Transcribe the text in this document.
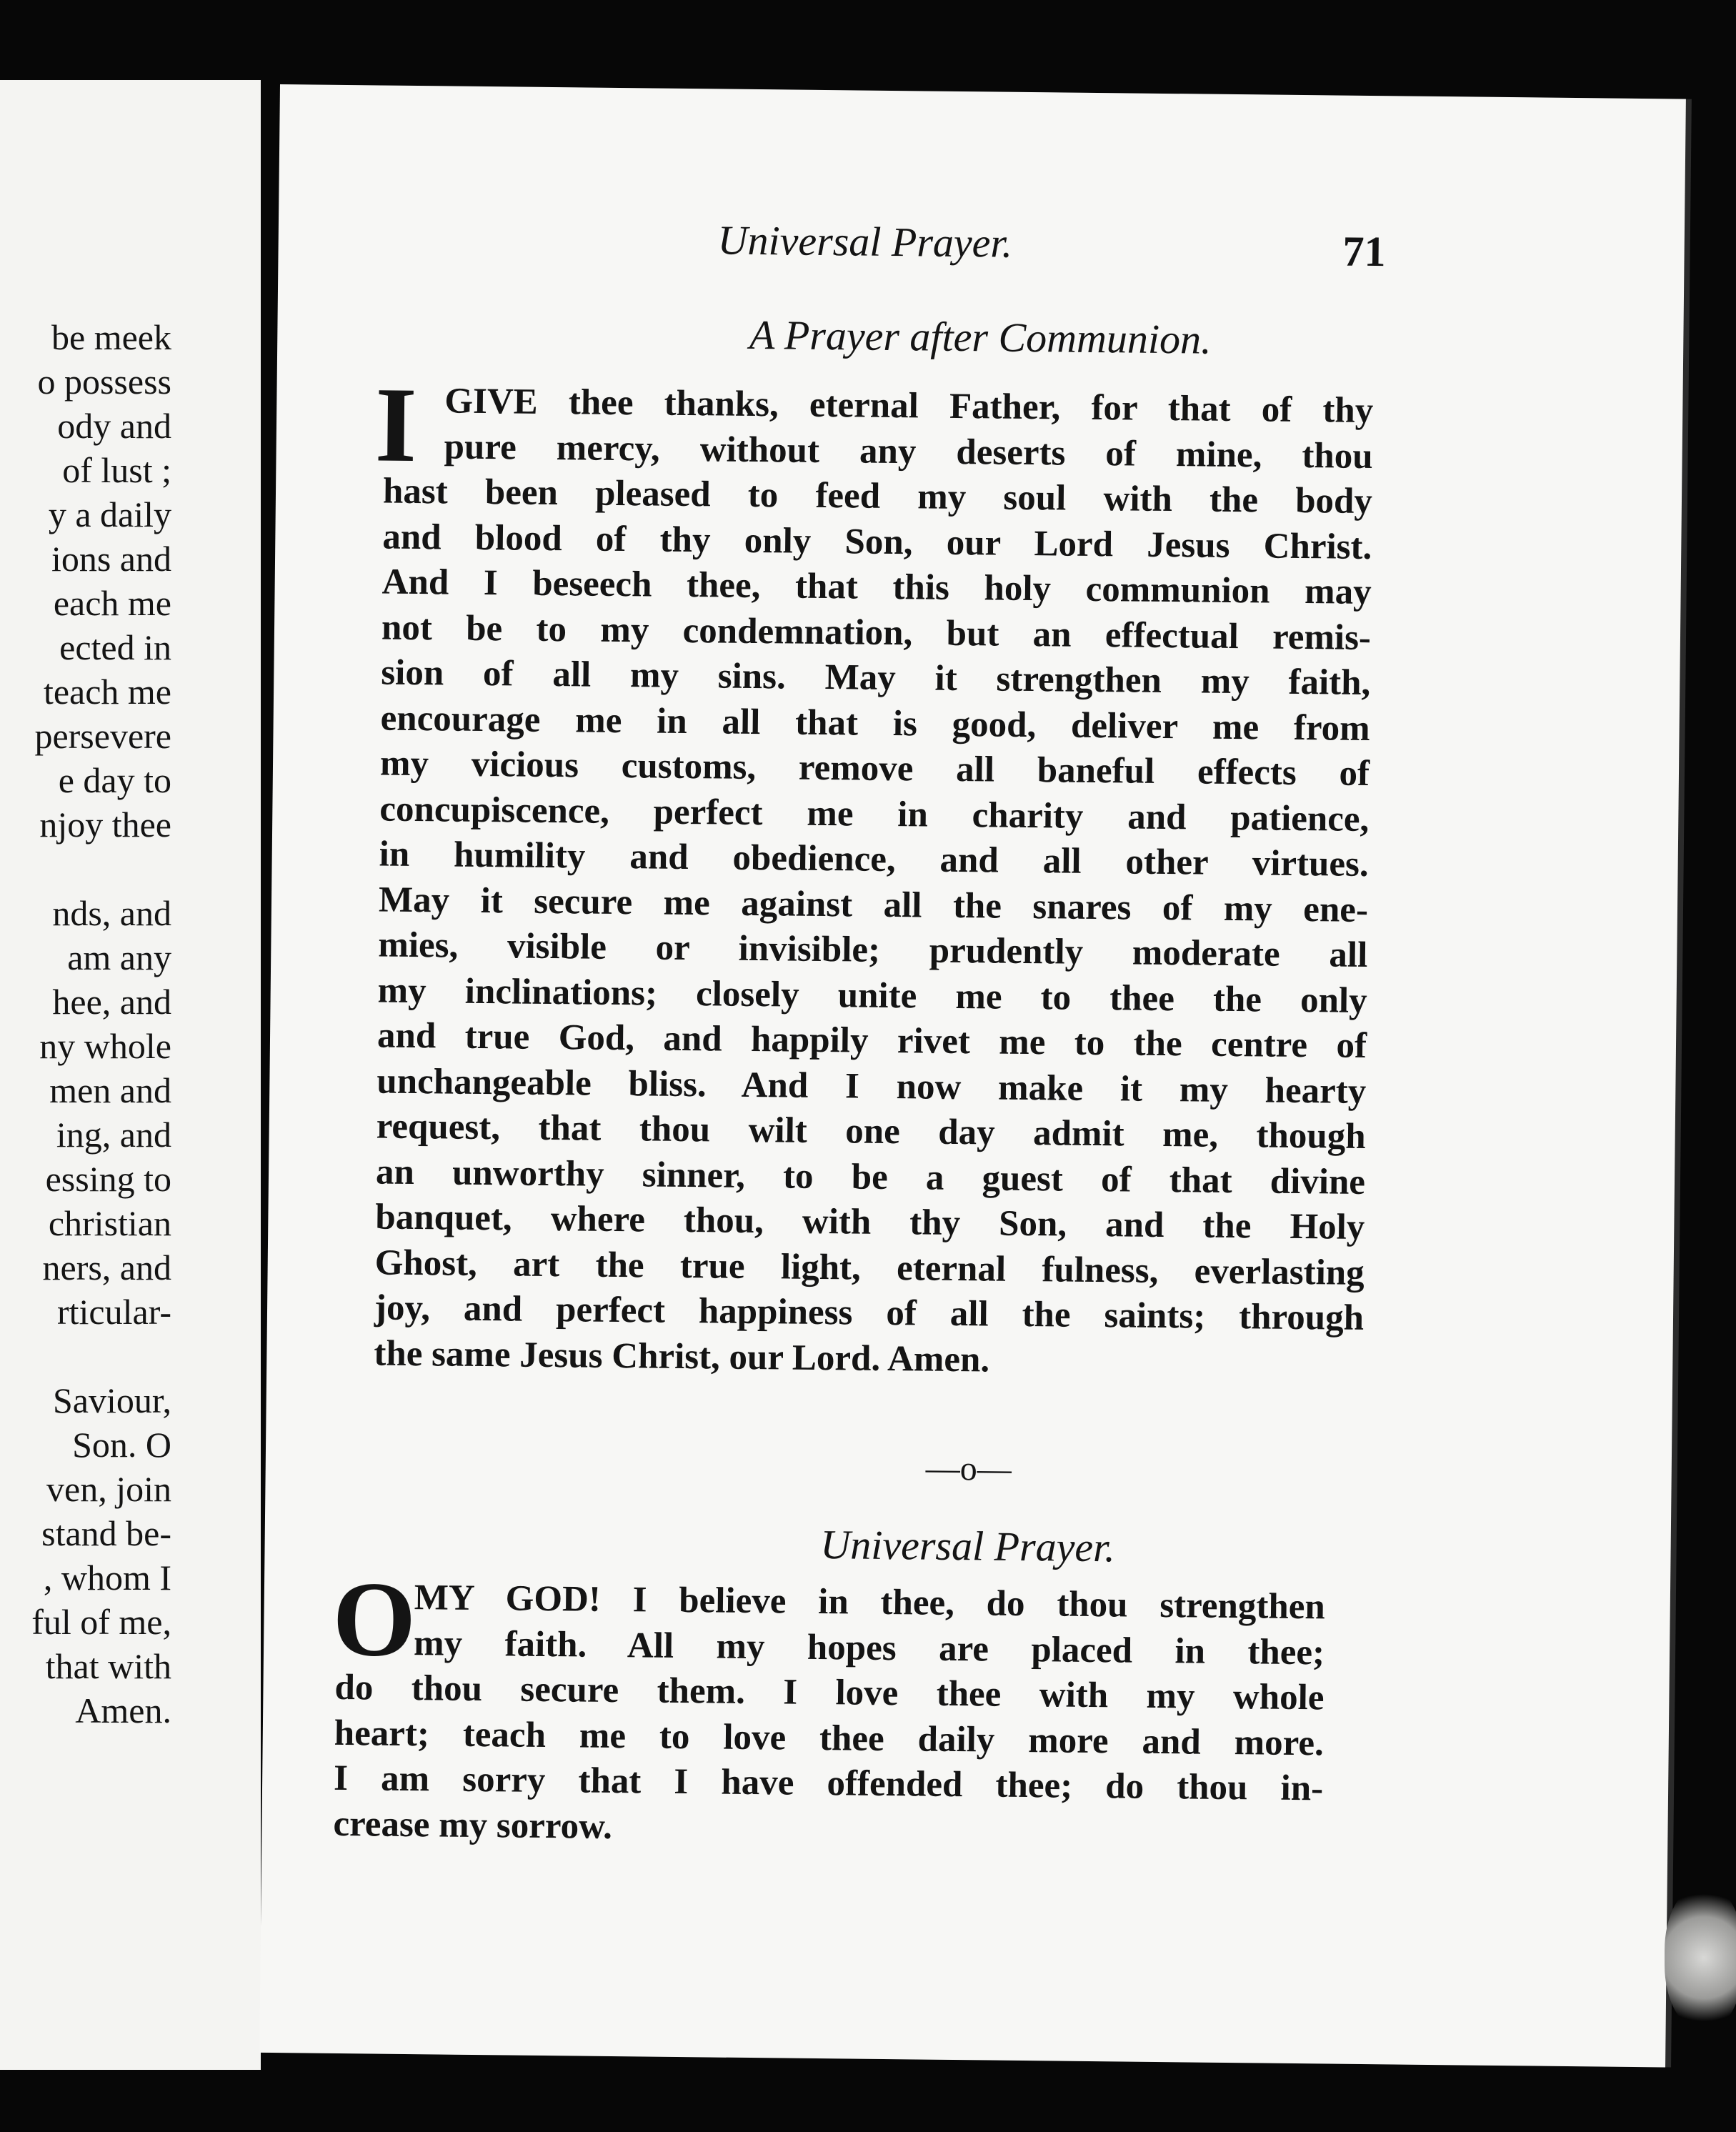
be meek
o possess
ody and
of lust ;
y a daily
ions and
each me
ected in
teach me
persevere
e day to
njoy thee
nds, and
am any
hee, and
ny whole
men and
ing, and
essing to
christian
ners, and
rticular-
Saviour,
Son. O
ven, join
stand be-
, whom I
ful of me,
that with
Amen.
Universal Prayer.	71
A Prayer after Communion.
I GIVE thee thanks, eternal Father, for that of thy
pure mercy, without any deserts of mine, thou
hast been pleased to feed my soul with the body
and blood of thy only Son, our Lord Jesus Christ.
And I beseech thee, that this holy communion may
not be to my condemnation, but an effectual remis-
sion of all my sins. May it strengthen my faith,
encourage me in all that is good, deliver me from
my vicious customs, remove all baneful effects of
concupiscence, perfect me in charity and patience,
in humility and obedience, and all other virtues.
May it secure me against all the snares of my ene-
mies, visible or invisible; prudently moderate all
my inclinations; closely unite me to thee the only
and true God, and happily rivet me to the centre of
unchangeable bliss. And I now make it my hearty
request, that thou wilt one day admit me, though
an unworthy sinner, to be a guest of that divine
banquet, where thou, with thy Son, and the Holy
Ghost, art the true light, eternal fulness, everlasting
joy, and perfect happiness of all the saints; through
the same Jesus Christ, our Lord. Amen.
—o—
Universal Prayer.
O
MY GOD! I believe in thee, do thou strengthen
my faith. All my hopes are placed in thee;
do thou secure them. I love thee with my whole
heart; teach me to love thee daily more and more.
I am sorry that I have offended thee; do thou in-
crease my sorrow.
